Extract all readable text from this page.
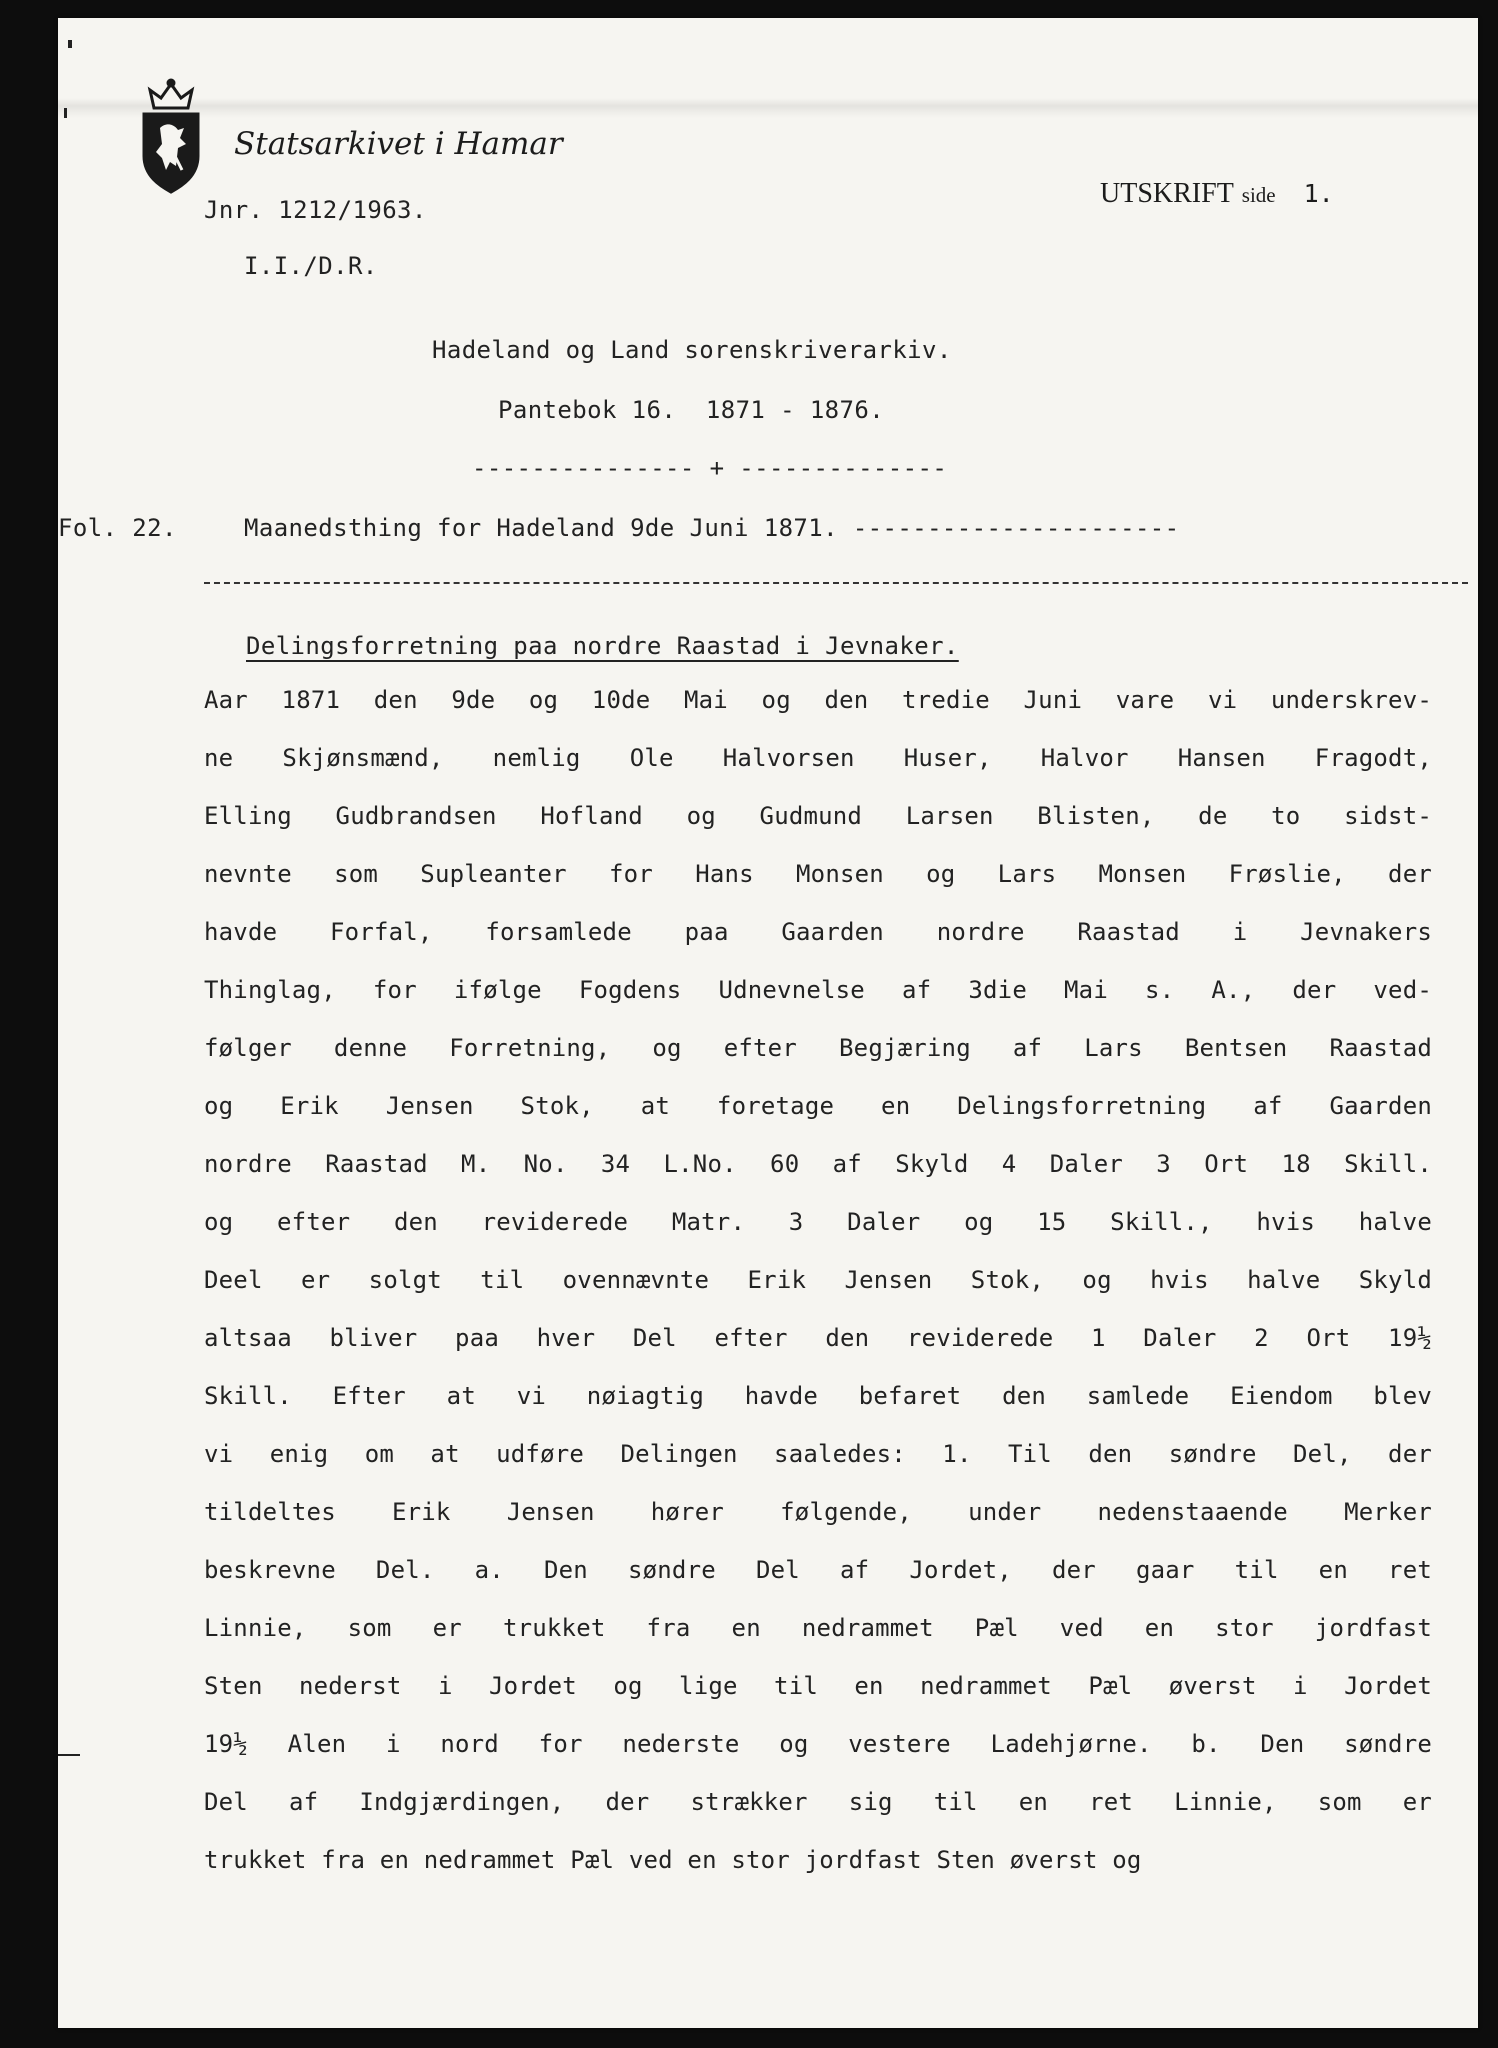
Statsarkivet i Hamar
UTSKRIFT side 1.
Jnr. 1212/1963.
I.I./D.R.
Hadeland og Land sorenskriverarkiv.
Pantebok 16.  1871 - 1876.
--------------- + --------------
Fol. 22.	Maanedsthing for Hadeland 9de Juni 1871. ----------------------
Delingsforretning paa nordre Raastad i Jevnaker.
Aar 1871 den 9de og 10de Mai og den tredie Juni vare vi underskrev-
ne Skjønsmænd, nemlig Ole Halvorsen Huser, Halvor Hansen Fragodt,
Elling Gudbrandsen Hofland og Gudmund Larsen Blisten, de to sidst-
nevnte som Supleanter for Hans Monsen og Lars Monsen Frøslie, der
havde Forfal, forsamlede paa Gaarden nordre Raastad i Jevnakers
Thinglag, for ifølge Fogdens Udnevnelse af 3die Mai s. A., der ved-
følger denne Forretning, og efter Begjæring af Lars Bentsen Raastad
og Erik Jensen Stok, at foretage en Delingsforretning af Gaarden
nordre Raastad M. No. 34 L.No. 60 af Skyld 4 Daler 3 Ort 18 Skill.
og efter den reviderede Matr. 3 Daler og 15 Skill., hvis halve
Deel er solgt til ovennævnte Erik Jensen Stok, og hvis halve Skyld
altsaa bliver paa hver Del efter den reviderede 1 Daler 2 Ort 19½
Skill. Efter at vi nøiagtig havde befaret den samlede Eiendom blev
vi enig om at udføre Delingen saaledes: 1. Til den søndre Del, der
tildeltes Erik Jensen hører følgende, under nedenstaaende Merker
beskrevne Del. a. Den søndre Del af Jordet, der gaar til en ret
Linnie, som er trukket fra en nedrammet Pæl ved en stor jordfast
Sten nederst i Jordet og lige til en nedrammet Pæl øverst i Jordet
19½ Alen i nord for nederste og vestere Ladehjørne. b. Den søndre
Del af Indgjærdingen, der strækker sig til en ret Linnie, som er
trukket fra en nedrammet Pæl ved en stor jordfast Sten øverst og
